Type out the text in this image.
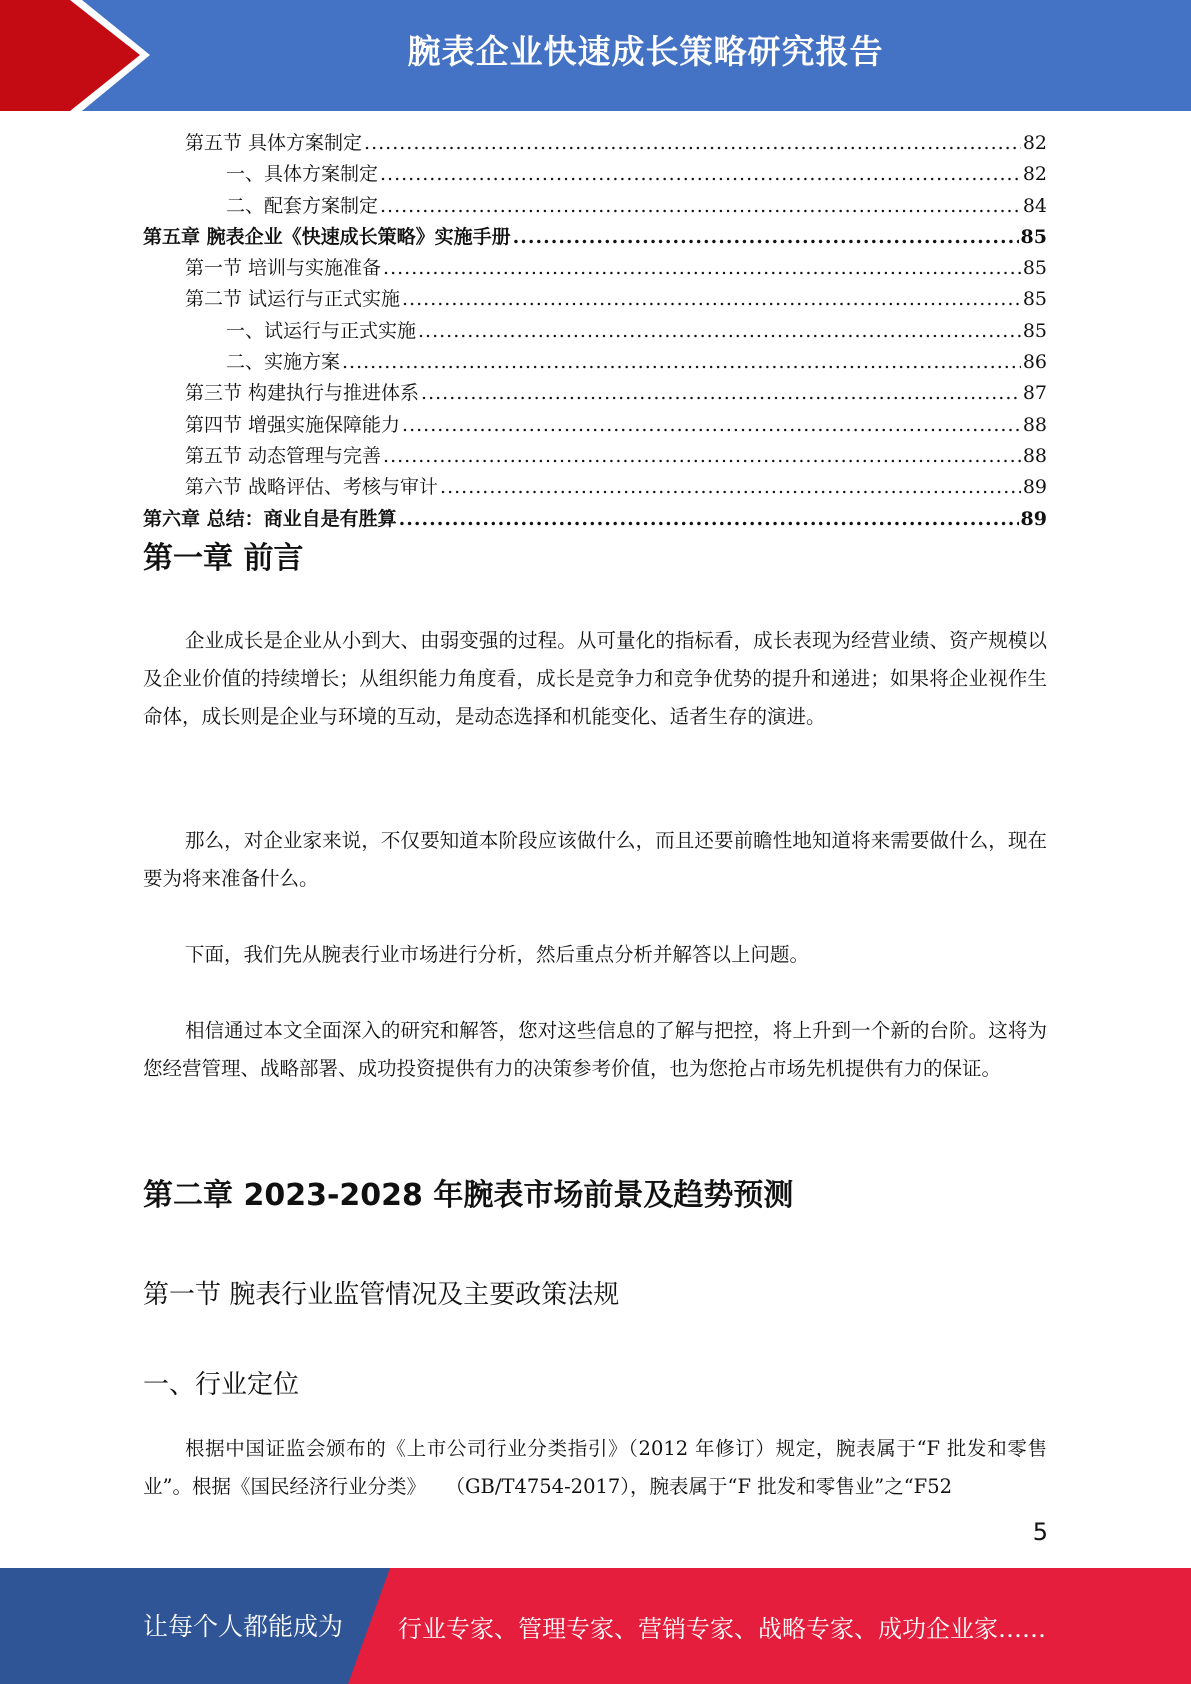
腕表企业快速成长策略研究报告
第五节 具体方案制定 .....	82
一、具体方案制定 .....	82
二、配套方案制定 .....	84
第五章 腕表企业《快速成长策略》实施手册 .....	85
第一节 培训与实施准备 .....	85
第二节 试运行与正式实施 .....	85
一、试运行与正式实施 .....	85
二、实施方案 .....	86
第三节 构建执行与推进体系 .....	87
第四节 增强实施保障能力 .....	88
第五节 动态管理与完善 .....	88
第六节 战略评估、考核与审计 .....	89
第六章 总结：商业自是有胜算 .....	89
第一章 前言

企业成长是企业从小到大、由弱变强的过程。从可量化的指标看，成长表现为经营业绩、资产规模以及企业价值的持续增长；从组织能力角度看，成长是竞争力和竞争优势的提升和递进；如果将企业视作生命体，成长则是企业与环境的互动，是动态选择和机能变化、适者生存的演进。

那么，对企业家来说，不仅要知道本阶段应该做什么，而且还要前瞻性地知道将来需要做什么，现在要为将来准备什么。

下面，我们先从腕表行业市场进行分析，然后重点分析并解答以上问题。

相信通过本文全面深入的研究和解答，您对这些信息的了解与把控，将上升到一个新的台阶。这将为您经营管理、战略部署、成功投资提供有力的决策参考价值，也为您抢占市场先机提供有力的保证。

第二章 2023-2028 年腕表市场前景及趋势预测
第一节 腕表行业监管情况及主要政策法规
一、行业定位

根据中国证监会颁布的《上市公司行业分类指引》（2012 年修订）规定，腕表属于“F 批发和零售业”。根据《国民经济行业分类》　　（GB/T4754-2017），腕表属于“F 批发和零售业”之“F52

5
让每个人都能成为 行业专家、管理专家、营销专家、战略专家、成功企业家……
